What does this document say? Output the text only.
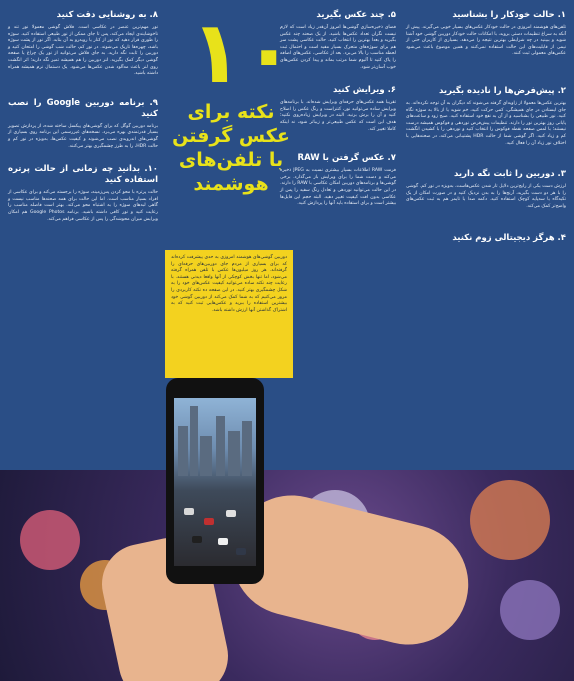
۱. حالت خودکار را بشناسید

تلفن‌های هوشمند امروزی در حالت خودکار عکس‌های بسیار خوبی می‌گیرند. پیش از آنکه به سراغ تنظیمات دستی بروید، با امکانات حالت خودکار دوربین گوشی خود آشنا شوید و ببینید در چه شرایطی بهترین نتیجه را می‌دهد. بسیاری از کاربران حتی از نیمی از قابلیت‌های این حالت استفاده نمی‌کنند و همین موضوع باعث می‌شود عکس‌های معمولی ثبت کنند.

۲. پیش‌فرض‌ها را نادیده بگیرید

بهترین عکس‌ها معمولا از زاویه‌ای گرفته می‌شوند که دیگران به آن توجه نکرده‌اند. به جای ایستادن در جای همیشگی، کمی حرکت کنید، خم شوید یا از بالا به سوژه نگاه کنید. نور طبیعی را بشناسید و از آن به نفع خود استفاده کنید. صبح زود و ساعت‌های پایانی روز بهترین نور را دارند. تنظیمات پیش‌فرض نوردهی و فوکوس همیشه درست نیستند؛ با لمس صفحه نقطه فوکوس را انتخاب کنید و نوردهی را با کشیدن انگشت کم و زیاد کنید. اگر گوشی شما از حالت HDR پشتیبانی می‌کند، در صحنه‌هایی با اختلاف نور زیاد آن را فعال کنید.

۳. دوربین را ثابت نگه دارید

لرزش دست یکی از رایج‌ترین دلایل تار شدن عکس‌هاست، به‌ویژه در نور کم. گوشی را با هر دو دست بگیرید، آرنج‌ها را به بدن نزدیک کنید و در صورت امکان از یک تکیه‌گاه یا سه‌پایه کوچک استفاده کنید. دکمه صدا یا تایمر هم به ثبت عکس‌های واضح‌تر کمک می‌کند.

۴. هرگز دیجیتالی زوم نکنید
۵. چند عکس بگیرید

فضای ذخیره‌سازی گوشی‌ها امروز آن‌قدر زیاد است که لازم نیست نگران تعداد عکس‌ها باشید. از یک صحنه چند عکس بگیرید و بعدا بهترین را انتخاب کنید. حالت عکاسی پشت سر هم برای سوژه‌های متحرک بسیار مفید است و احتمال ثبت لحظه مناسب را بالا می‌برد. بعد از عکاسی، عکس‌های اضافه را پاک کنید تا آلبوم شما مرتب بماند و پیدا کردن عکس‌های خوب آسان‌تر شود.

۶. ویرایش کنید

تقریبا همه عکس‌های حرفه‌ای ویرایش شده‌اند. با برنامه‌های ویرایش ساده می‌توانید نور، کنتراست و رنگ عکس را اصلاح کنید و آن را برش بزنید. البته در ویرایش زیاده‌روی نکنید؛ هدف این است که عکس طبیعی‌تر و زیباتر شود، نه اینکه کاملا تغییر کند.

۷. عکس گرفتن با RAW

فرمت RAW اطلاعات بسیار بیشتری نسبت به JPEG ذخیره می‌کند و دست شما را برای ویرایش باز می‌گذارد. برخی گوشی‌ها و برنامه‌های دوربین امکان عکاسی با RAW را دارند. در این حالت می‌توانید نوردهی و تعادل رنگ سفید را پس از عکاسی بدون افت کیفیت تغییر دهید. البته حجم این فایل‌ها بیشتر است و برای استفاده باید آنها را پردازش کنید.

۸. به روشنایی دقت کنید

نور مهم‌ترین عنصر در عکاسی است. فلاش گوشی معمولا نور تند و ناخوشایندی ایجاد می‌کند، پس تا جای ممکن از نور طبیعی استفاده کنید. سوژه را طوری قرار دهید که نور از کنار یا روبه‌رو به آن بتابد. اگر نور از پشت سوژه باشد، چهره‌ها تاریک می‌شوند. در نور کم، حالت شب گوشی را امتحان کنید و دوربین را ثابت نگه دارید. به جای فلاش می‌توانید از نور یک چراغ یا صفحه گوشی دیگر کمک بگیرید. لنز دوربین را هم همیشه تمیز نگه دارید؛ اثر انگشت روی لنز باعث مه‌آلود شدن عکس‌ها می‌شود. یک دستمال نرم همیشه همراه داشته باشید.

۹. برنامه دوربین Google را نصب کنید

برنامه دوربین گوگل که برای گوشی‌های پیکسل ساخته شده، از پردازش تصویر بسیار قدرتمندی بهره می‌برد. نسخه‌های غیررسمی این برنامه روی بسیاری از گوشی‌های اندرویدی نصب می‌شوند و کیفیت عکس‌ها، به‌ویژه در نور کم و حالت HDR، را به طرز چشمگیری بهتر می‌کنند.

۱۰. بدانید چه زمانی از حالت پرتره استفاده کنید

حالت پرتره با محو کردن پس‌زمینه، سوژه را برجسته می‌کند و برای عکاسی از افراد بسیار مناسب است. اما این حالت برای همه صحنه‌ها مناسب نیست و گاهی لبه‌های سوژه را به اشتباه محو می‌کند. بهتر است فاصله مناسب را رعایت کنید و نور کافی داشته باشید. برنامه Google Photos هم امکان ویرایش میزان محوشدگی را پس از عکاسی فراهم می‌کند.

۱۰
نکته برای عکس گرفتن با تلفن‌های هوشمند
دوربین گوشی‌های هوشمند امروزی به حدی پیشرفت کرده‌اند که برای بسیاری از مردم جای دوربین‌های حرفه‌ای را گرفته‌اند. هر روز میلیون‌ها عکس با تلفن همراه گرفته می‌شود، اما تنها بخش کوچکی از آنها واقعا دیدنی هستند. با رعایت چند نکته ساده می‌توانید کیفیت عکس‌های خود را به شکل چشمگیری بهتر کنید. در این صفحه ده نکته کاربردی را مرور می‌کنیم که به شما کمک می‌کند از دوربین گوشی خود بیشترین استفاده را ببرید و عکس‌هایی ثبت کنید که به اشتراک گذاشتن آنها ارزش داشته باشد.
